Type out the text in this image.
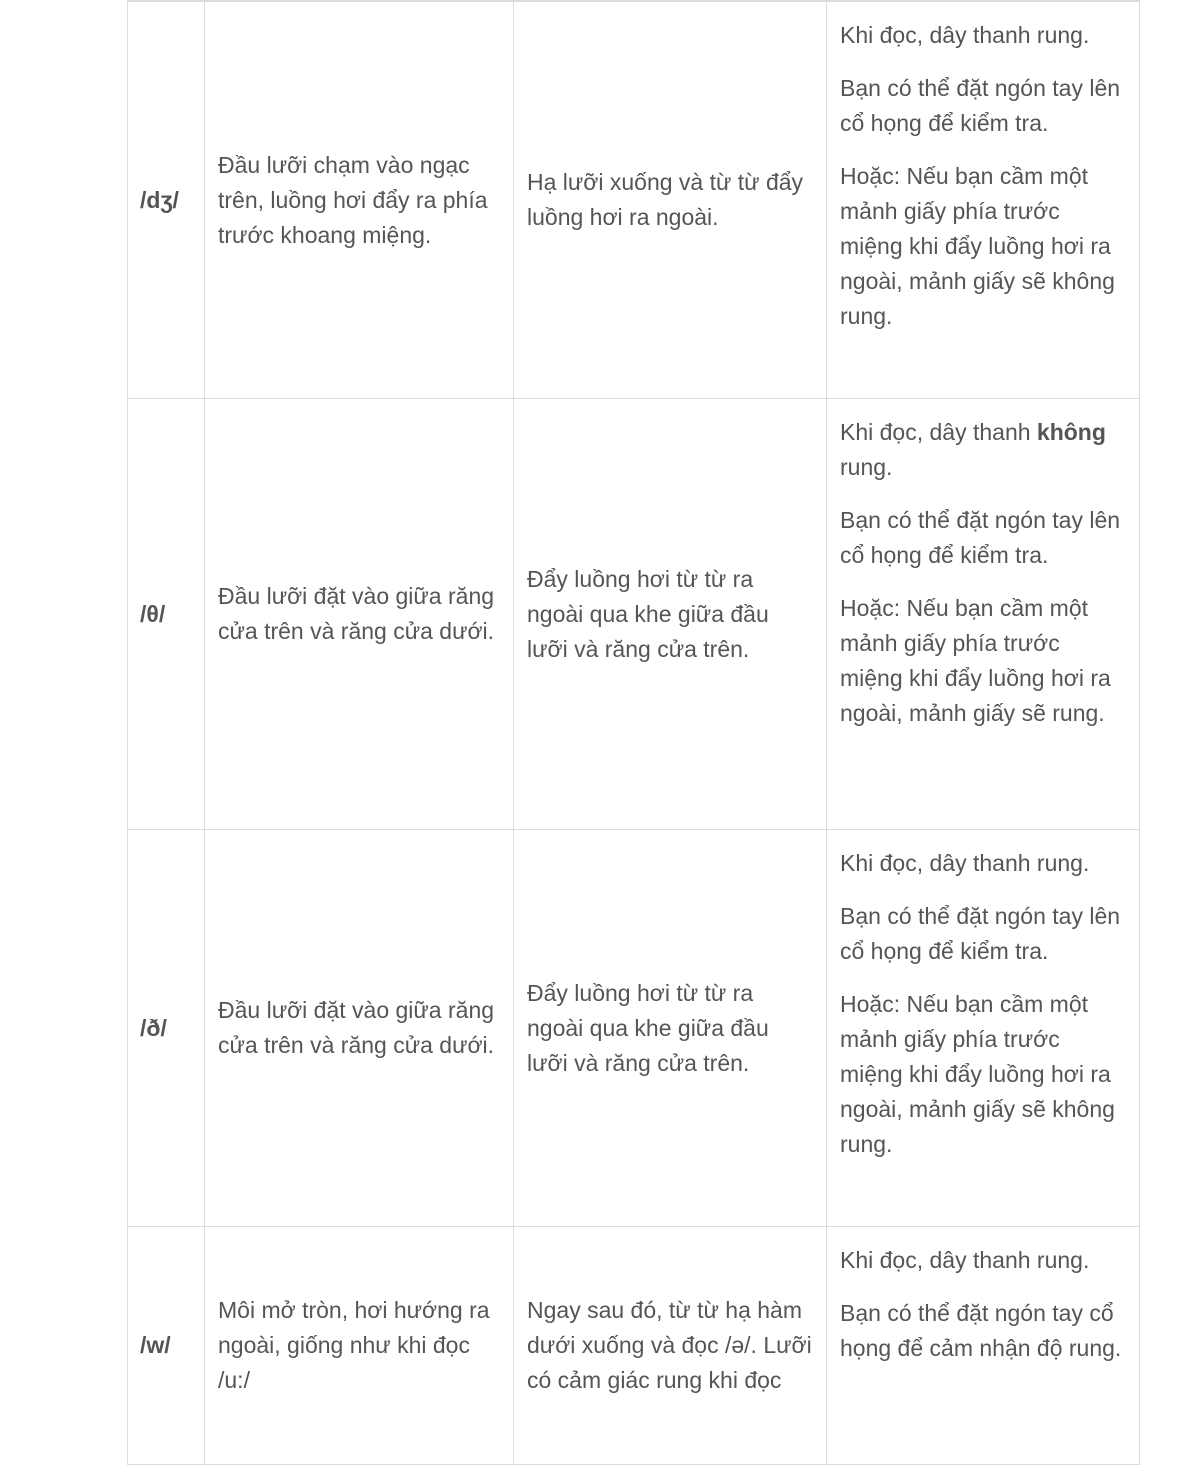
/dʒ/	Đầu lưỡi chạm vào ngạc trên, luồng hơi đẩy ra phía trước khoang miệng.	Hạ lưỡi xuống và từ từ đẩy luồng hơi ra ngoài.	Khi đọc, dây thanh rung.

Bạn có thể đặt ngón tay lên cổ họng để kiểm tra.

Hoặc: Nếu bạn cầm một mảnh giấy phía trước miệng khi đẩy luồng hơi ra ngoài, mảnh giấy sẽ không rung.

/θ/	Đầu lưỡi đặt vào giữa răng cửa trên và răng cửa dưới.	Đẩy luồng hơi từ từ ra ngoài qua khe giữa đầu lưỡi và răng cửa trên.	Khi đọc, dây thanh không rung.

Bạn có thể đặt ngón tay lên cổ họng để kiểm tra.

Hoặc: Nếu bạn cầm một mảnh giấy phía trước miệng khi đẩy luồng hơi ra ngoài, mảnh giấy sẽ rung.

/ð/	Đầu lưỡi đặt vào giữa răng cửa trên và răng cửa dưới.	Đẩy luồng hơi từ từ ra ngoài qua khe giữa đầu lưỡi và răng cửa trên.	Khi đọc, dây thanh rung.

Bạn có thể đặt ngón tay lên cổ họng để kiểm tra.

Hoặc: Nếu bạn cầm một mảnh giấy phía trước miệng khi đẩy luồng hơi ra ngoài, mảnh giấy sẽ không rung.

/w/	Môi mở tròn, hơi hướng ra ngoài, giống như khi đọc /u:/	Ngay sau đó, từ từ hạ hàm dưới xuống và đọc /ə/. Lưỡi có cảm giác rung khi đọc	Khi đọc, dây thanh rung.

Bạn có thể đặt ngón tay cổ họng để cảm nhận độ rung.
